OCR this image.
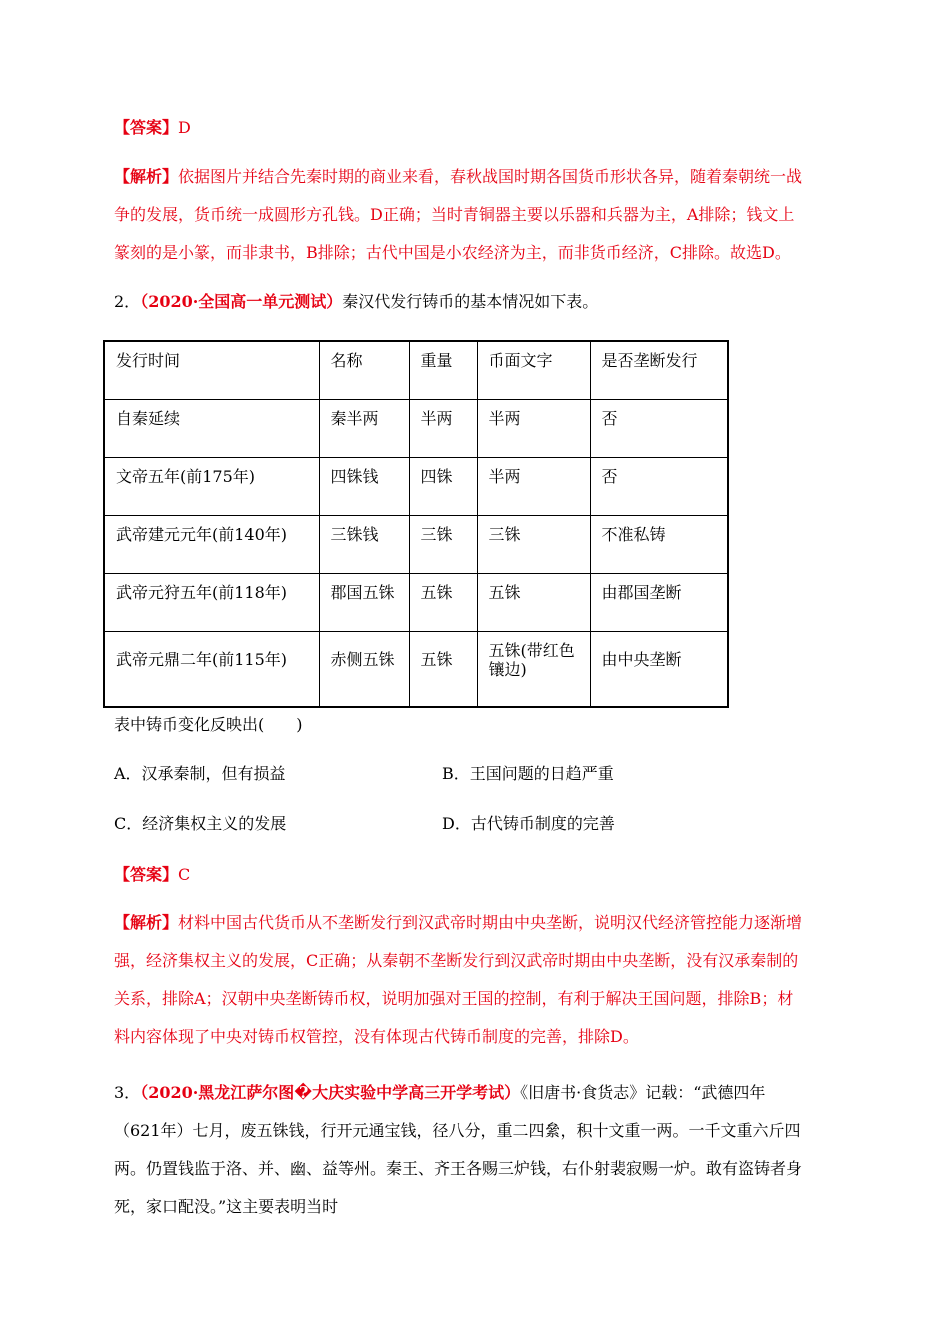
【答案】D
【解析】依据图片并结合先秦时期的商业来看，春秋战国时期各国货币形状各异，随着秦朝统一战
争的发展，货币统一成圆形方孔钱。D正确；当时青铜器主要以乐器和兵器为主，A排除；钱文上
篆刻的是小篆，而非隶书，B排除；古代中国是小农经济为主，而非货币经济，C排除。故选D。
2．（2020·全国高一单元测试）秦汉代发行铸币的基本情况如下表。
发行时间	名称	重量	币面文字	是否垄断发行
自秦延续	秦半两	半两	半两	否
文帝五年(前175年)	四铢钱	四铢	半两	否
武帝建元元年(前140年)	三铢钱	三铢	三铢	不准私铸
武帝元狩五年(前118年)	郡国五铢	五铢	五铢	由郡国垄断
武帝元鼎二年(前115年)	赤侧五铢	五铢	五铢(带红色镶边)	由中央垄断
表中铸币变化反映出(　　)
A．汉承秦制，但有损益	B．王国问题的日趋严重
C．经济集权主义的发展	D．古代铸币制度的完善
【答案】C
【解析】材料中国古代货币从不垄断发行到汉武帝时期由中央垄断，说明汉代经济管控能力逐渐增
强，经济集权主义的发展，C正确；从秦朝不垄断发行到汉武帝时期由中央垄断，没有汉承秦制的
关系，排除A；汉朝中央垄断铸币权，说明加强对王国的控制，有利于解决王国问题，排除B；材
料内容体现了中央对铸币权管控，没有体现古代铸币制度的完善，排除D。
3．（2020·黑龙江萨尔图�大庆实验中学高三开学考试）《旧唐书·食货志》记载：“武德四年
（621年）七月，废五铢钱，行开元通宝钱，径八分，重二四絫，积十文重一两。一千文重六斤四
两。仍置钱监于洛、并、幽、益等州。秦王、齐王各赐三炉钱，右仆射裴寂赐一炉。敢有盗铸者身
死，家口配没。”这主要表明当时
